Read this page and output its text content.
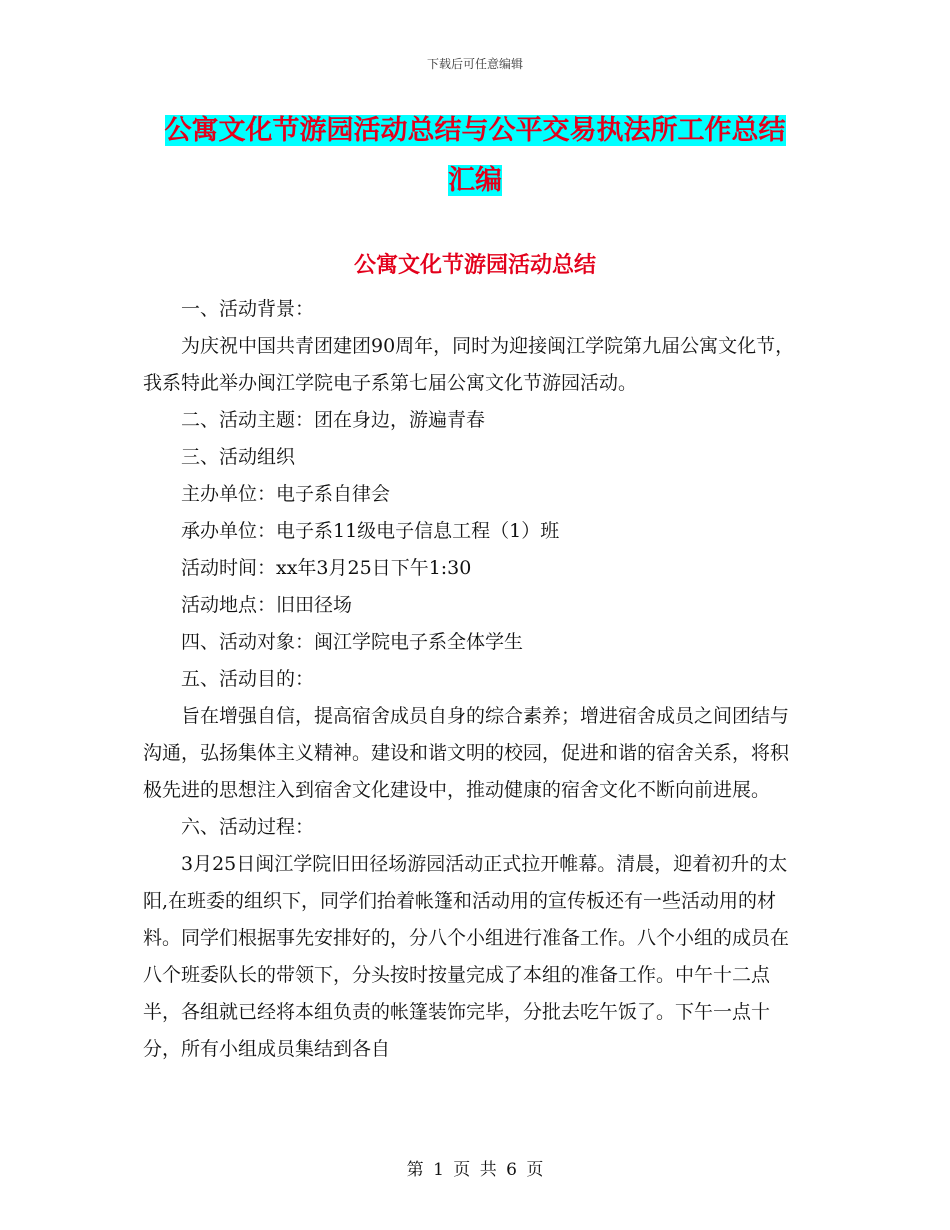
下载后可任意编辑
公寓文化节游园活动总结与公平交易执法所工作总结
汇编
公寓文化节游园活动总结

一、活动背景：

为庆祝中国共青团建团90周年，同时为迎接闽江学院第九届公寓文化节，我系特此举办闽江学院电子系第七届公寓文化节游园活动。

二、活动主题：团在身边，游遍青春

三、活动组织

主办单位：电子系自律会

承办单位：电子系11级电子信息工程（1）班

活动时间：xx年3月25日下午1:30

活动地点：旧田径场

四、活动对象：闽江学院电子系全体学生

五、活动目的：

旨在增强自信，提高宿舍成员自身的综合素养；增进宿舍成员之间团结与沟通，弘扬集体主义精神。建设和谐文明的校园，促进和谐的宿舍关系，将积极先进的思想注入到宿舍文化建设中，推动健康的宿舍文化不断向前进展。

六、活动过程：

3月25日闽江学院旧田径场游园活动正式拉开帷幕。清晨，迎着初升的太阳,在班委的组织下，同学们抬着帐篷和活动用的宣传板还有一些活动用的材料。同学们根据事先安排好的，分八个小组进行准备工作。八个小组的成员在八个班委队长的带领下，分头按时按量完成了本组的准备工作。中午十二点半，各组就已经将本组负责的帐篷装饰完毕，分批去吃午饭了。下午一点十分，所有小组成员集结到各自

第 1 页 共 6 页
